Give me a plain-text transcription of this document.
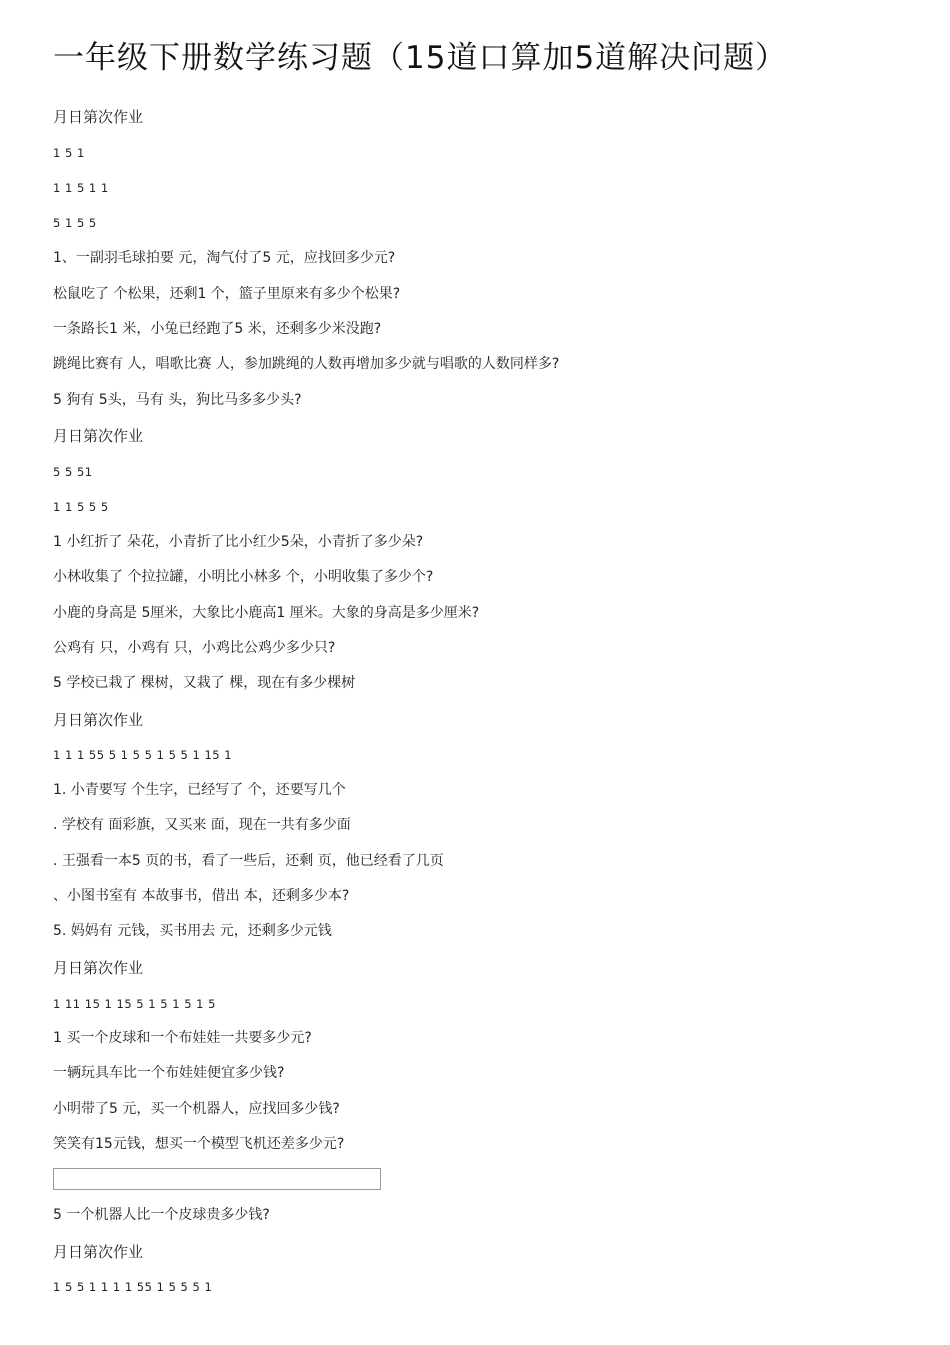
一年级下册数学练习题（15道口算加5道解决问题）

月日第次作业

1 5 1

1 1 5 1 1

5 1 5 5

1、一副羽毛球拍要 元，淘气付了5 元，应找回多少元?

松鼠吃了 个松果，还剩1 个，篮子里原来有多少个松果?

一条路长1 米，小兔已经跑了5 米，还剩多少米没跑?

跳绳比赛有 人，唱歌比赛 人，参加跳绳的人数再增加多少就与唱歌的人数同样多?

5 狗有 5头，马有 头，狗比马多多少头?

月日第次作业

5 5 51

1 1 5 5 5

1 小红折了 朵花，小青折了比小红少5朵，小青折了多少朵?

小林收集了 个拉拉罐，小明比小林多 个，小明收集了多少个?

小鹿的身高是 5厘米，大象比小鹿高1 厘米。大象的身高是多少厘米?

公鸡有 只，小鸡有 只，小鸡比公鸡少多少只?

5 学校已栽了 棵树，又栽了 棵，现在有多少棵树

月日第次作业

1 1 1 55 5 1 5 5 1 5 5 1 15 1

1. 小青要写 个生字，已经写了 个，还要写几个

. 学校有 面彩旗，又买来 面，现在一共有多少面

. 王强看一本5 页的书，看了一些后，还剩 页，他已经看了几页

、小图书室有 本故事书，借出 本，还剩多少本?

5. 妈妈有 元钱，买书用去 元，还剩多少元钱

月日第次作业

1 11 15 1 15 5 1 5 1 5 1 5

1 买一个皮球和一个布娃娃一共要多少元?

一辆玩具车比一个布娃娃便宜多少钱?

小明带了5 元，买一个机器人，应找回多少钱?

笑笑有15元钱，想买一个模型飞机还差多少元?

5 一个机器人比一个皮球贵多少钱?

月日第次作业

1 5 5 1 1 1 1 55 1 5 5 5 1
